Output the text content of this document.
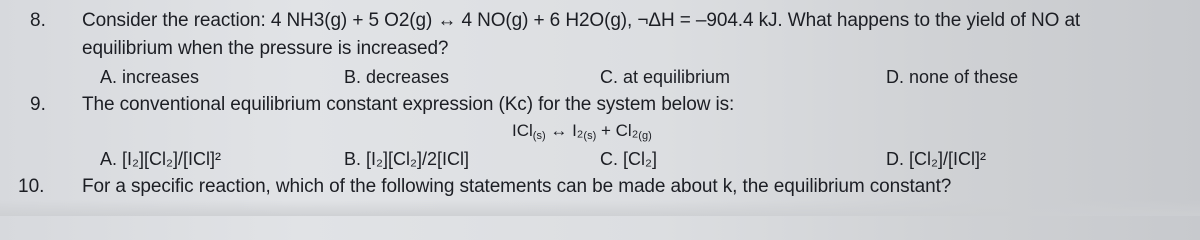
8. Consider the reaction: 4 NH3(g) + 5 O2(g) ↔ 4 NO(g) + 6 H2O(g), ¬ΔH = –904.4 kJ. What happens to the yield of NO at
equilibrium when the pressure is increased?
A. increases	B. decreases	C. at equilibrium	D. none of these
9. The conventional equilibrium constant expression (Kc) for the system below is:
ICl$_{(s)}$ ↔ $I_2_{(s)} + Cl_2_{(g)}$
A. [I₂][Cl₂]/[ICl]²	B. [I₂][Cl₂]/2[ICl]	C. [Cl₂]	D. [Cl₂]/[ICl]²
10. For a specific reaction, which of the following statements can be made about k, the equilibrium constant?
